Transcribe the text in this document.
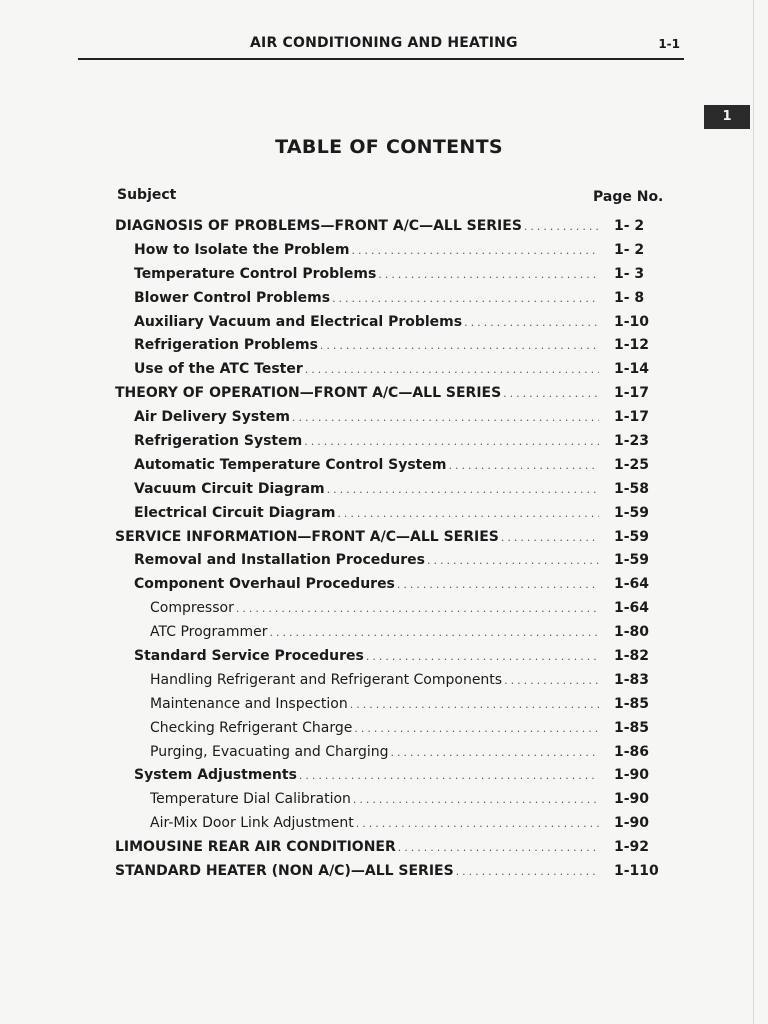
AIR CONDITIONING AND HEATING	1-1
1
TABLE OF CONTENTS
Subject	Page No.
DIAGNOSIS OF PROBLEMS—FRONT A/C—ALL SERIES .....	1- 2
How to Isolate the Problem .....	1- 2
Temperature Control Problems .....	1- 3
Blower Control Problems .....	1- 8
Auxiliary Vacuum and Electrical Problems .....	1-10
Refrigeration Problems .....	1-12
Use of the ATC Tester .....	1-14
THEORY OF OPERATION—FRONT A/C—ALL SERIES .....	1-17
Air Delivery System .....	1-17
Refrigeration System .....	1-23
Automatic Temperature Control System .....	1-25
Vacuum Circuit Diagram .....	1-58
Electrical Circuit Diagram .....	1-59
SERVICE INFORMATION—FRONT A/C—ALL SERIES .....	1-59
Removal and Installation Procedures .....	1-59
Component Overhaul Procedures .....	1-64
Compressor .....	1-64
ATC Programmer .....	1-80
Standard Service Procedures .....	1-82
Handling Refrigerant and Refrigerant Components .....	1-83
Maintenance and Inspection .....	1-85
Checking Refrigerant Charge .....	1-85
Purging, Evacuating and Charging .....	1-86
System Adjustments .....	1-90
Temperature Dial Calibration .....	1-90
Air-Mix Door Link Adjustment .....	1-90
LIMOUSINE REAR AIR CONDITIONER .....	1-92
STANDARD HEATER (NON A/C)—ALL SERIES .....	1-110
